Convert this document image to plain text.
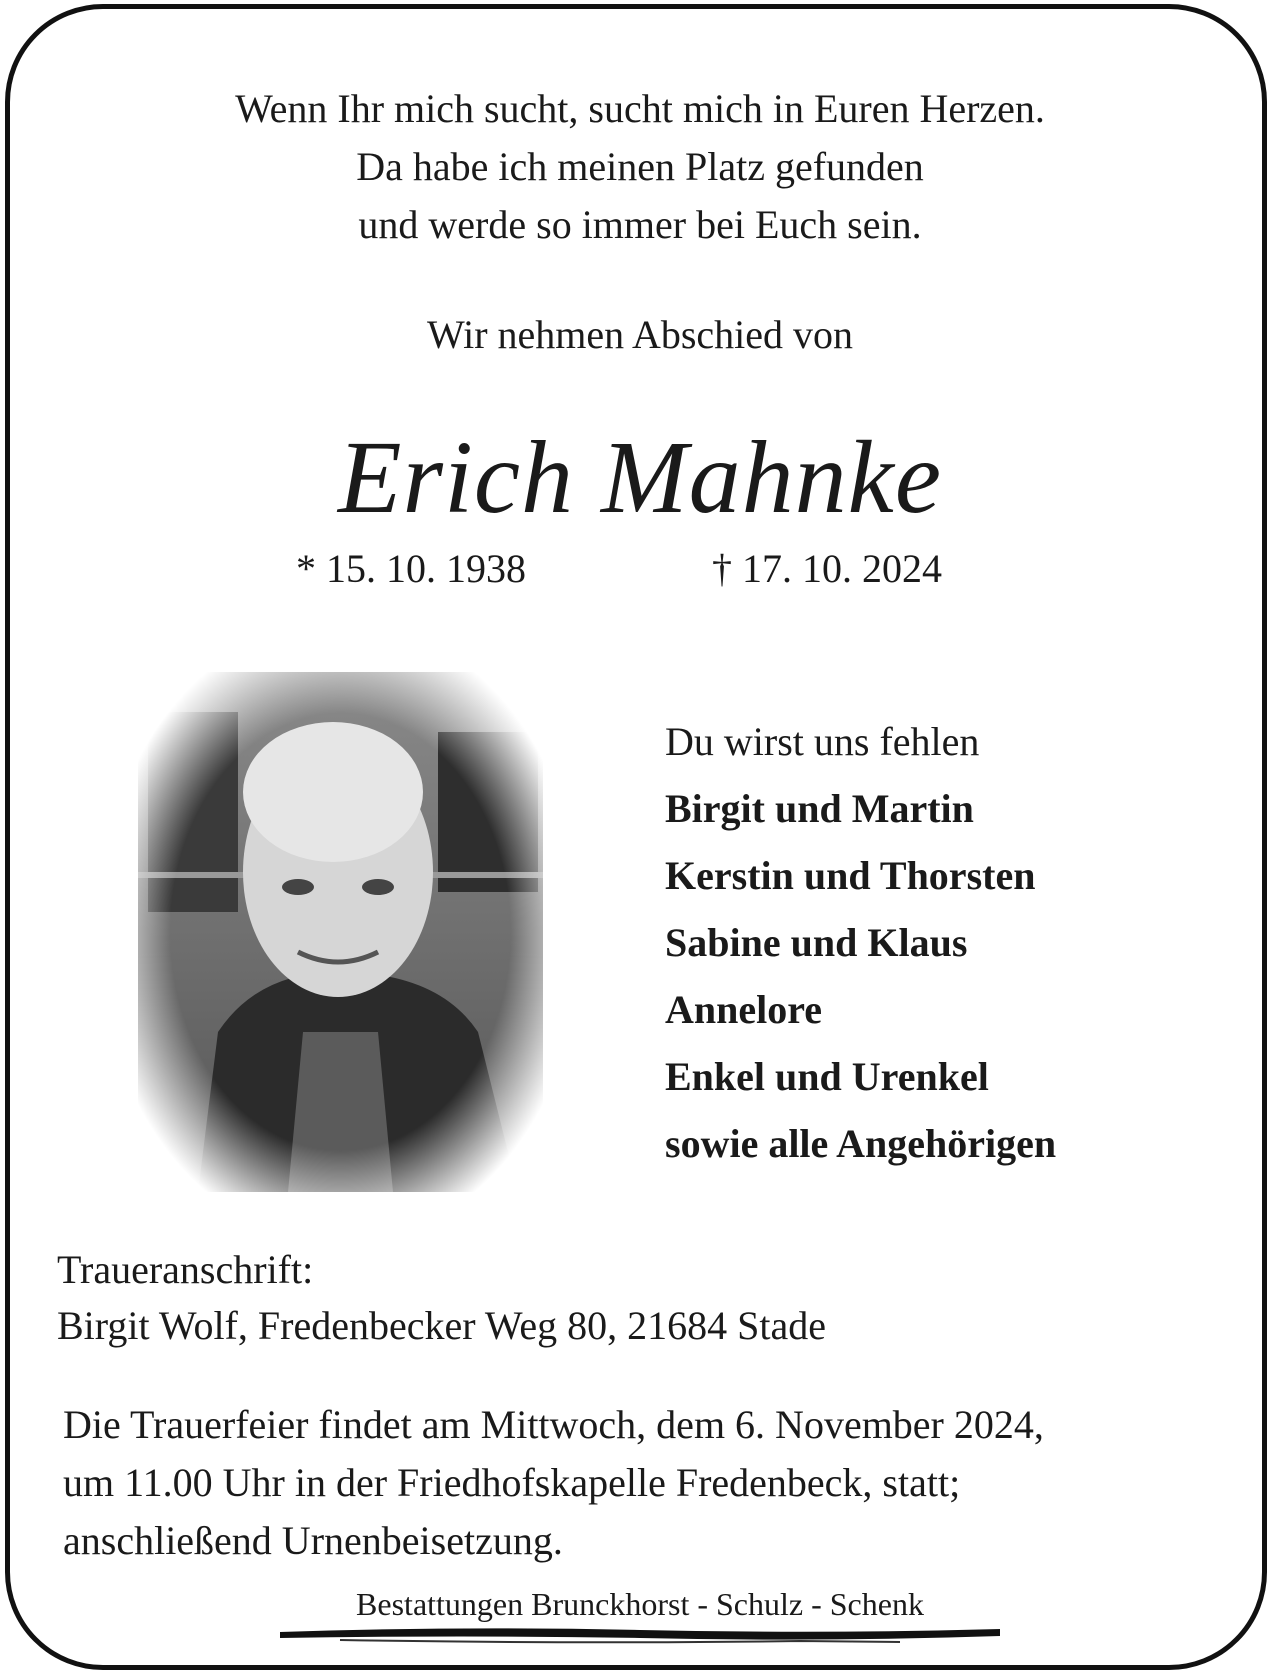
Wenn Ihr mich sucht, sucht mich in Euren Herzen.
Da habe ich meinen Platz gefunden
und werde so immer bei Euch sein.
Wir nehmen Abschied von
Erich Mahnke
* 15. 10. 1938	† 17. 10. 2024
Du wirst uns fehlen
Birgit und Martin
Kerstin und Thorsten
Sabine und Klaus
Annelore
Enkel und Urenkel
sowie alle Angehörigen
Traueranschrift:
Birgit Wolf, Fredenbecker Weg 80, 21684 Stade
Die Trauerfeier findet am Mittwoch, dem 6. November 2024,
um 11.00 Uhr in der Friedhofskapelle Fredenbeck, statt;
anschließend Urnenbeisetzung.
Bestattungen Brunckhorst - Schulz - Schenk
